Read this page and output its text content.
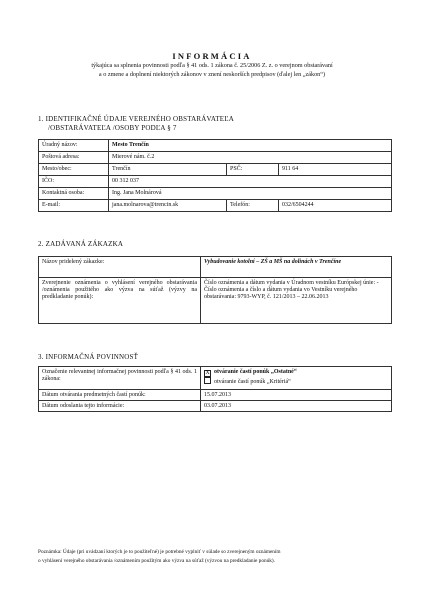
INFORMÁCIA
týkajúca sa splnenia povinnosti podľa § 41 ods. 1 zákona č. 25/2006 Z. z. o verejnom obstarávaní
a o zmene a doplnení niektorých zákonov v znení neskorších predpisov (ďalej len „zákon“)
1. IDENTIFIKAČNÉ ÚDAJE VEREJNÉHO OBSTARÁVATEĽA
/OBSTARÁVATEĽA /OSOBY PODĽA § 7
Úradný názov:	Mesto Trenčín		
Poštová adresa:	Mierové nám. č.2		
Mesto/obec:	Trenčín	PSČ:	911 64
IČO:	00 312 037		
Kontaktná osoba:	Ing. Jana Molnárová		
E-mail:	jana.molnarova@trencin.sk	Telefón:	032/6504244
2. ZADÁVANÁ ZÁKAZKA
Názov pridelený zákazke:	Vybudovanie kotolní – ZŠ a MŠ na dolinách v Trenčíne
Zverejnenie oznámenia o vyhlásení verejného obstarávania /oznámenia použitého ako výzva na súťaž (výzvy na predkladanie ponúk):	Číslo oznámenia a dátum vydania v Úradnom vestníku Európskej únie: -
Číslo oznámenia a číslo a dátum vydania vo Vestníku verejného obstarávania: 9793-WYP, č. 121/2013 – 22.06.2013
3. INFORMAČNÁ POVINNOSŤ
Označenie relevantnej informačnej povinnosti podľa § 41 ods. 1 zákona:	X otváranie častí ponúk „Ostatné“
otváranie častí ponúk „Kritériá“

Dátum otvárania predmetných častí ponúk:	15.07.2013
Dátum odoslania tejto informácie:	03.07.2013
Poznámka: Údaje (pri uvádzaní ktorých je to použiteľné) je potrebné vyplniť v súlade so zverejneným oznámením
o vyhlásení verejného obstarávania /oznámením použitým ako výzva na súťaž (výzvou na predkladanie ponúk).
